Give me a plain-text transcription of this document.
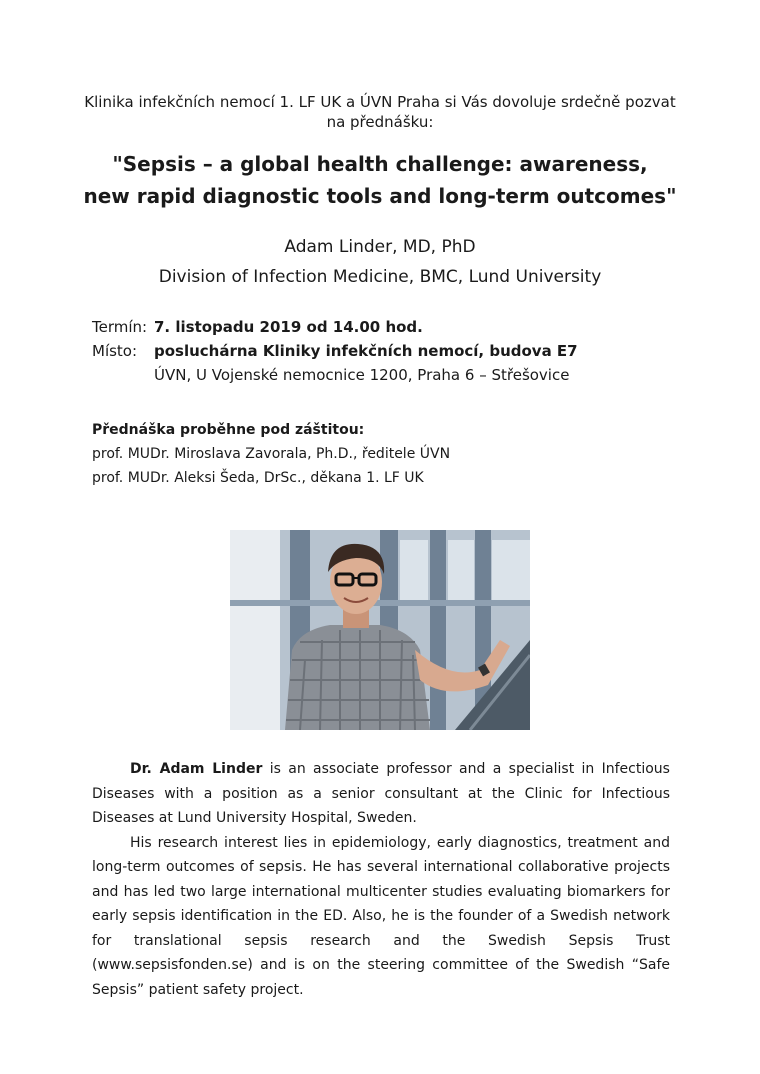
Klinika infekčních nemocí 1. LF UK a ÚVN Praha si Vás dovoluje srdečně pozvat
na přednášku:
"Sepsis – a global health challenge: awareness,
new rapid diagnostic tools and long-term outcomes"
Adam Linder, MD, PhD
Division of Infection Medicine, BMC, Lund University
Termín: 7. listopadu 2019 od 14.00 hod.
Místo:	posluchárna Kliniky infekčních nemocí, budova E7
ÚVN, U Vojenské nemocnice 1200, Praha 6 – Střešovice
Přednáška proběhne pod záštitou:
prof. MUDr. Miroslava Zavorala, Ph.D., ředitele ÚVN
prof. MUDr. Aleksi Šeda, DrSc., děkana 1. LF UK

Dr. Adam Linder is an associate professor and a specialist in Infectious Diseases with a position as a senior consultant at the Clinic for Infectious Diseases at Lund University Hospital, Sweden.

His research interest lies in epidemiology, early diagnostics, treatment and long-term outcomes of sepsis. He has several international collaborative projects and has led two large international multicenter studies evaluating biomarkers for early sepsis identification in the ED. Also, he is the founder of a Swedish network for translational sepsis research and the Swedish Sepsis Trust (www.sepsisfonden.se) and is on the steering committee of the Swedish “Safe Sepsis” patient safety project.
